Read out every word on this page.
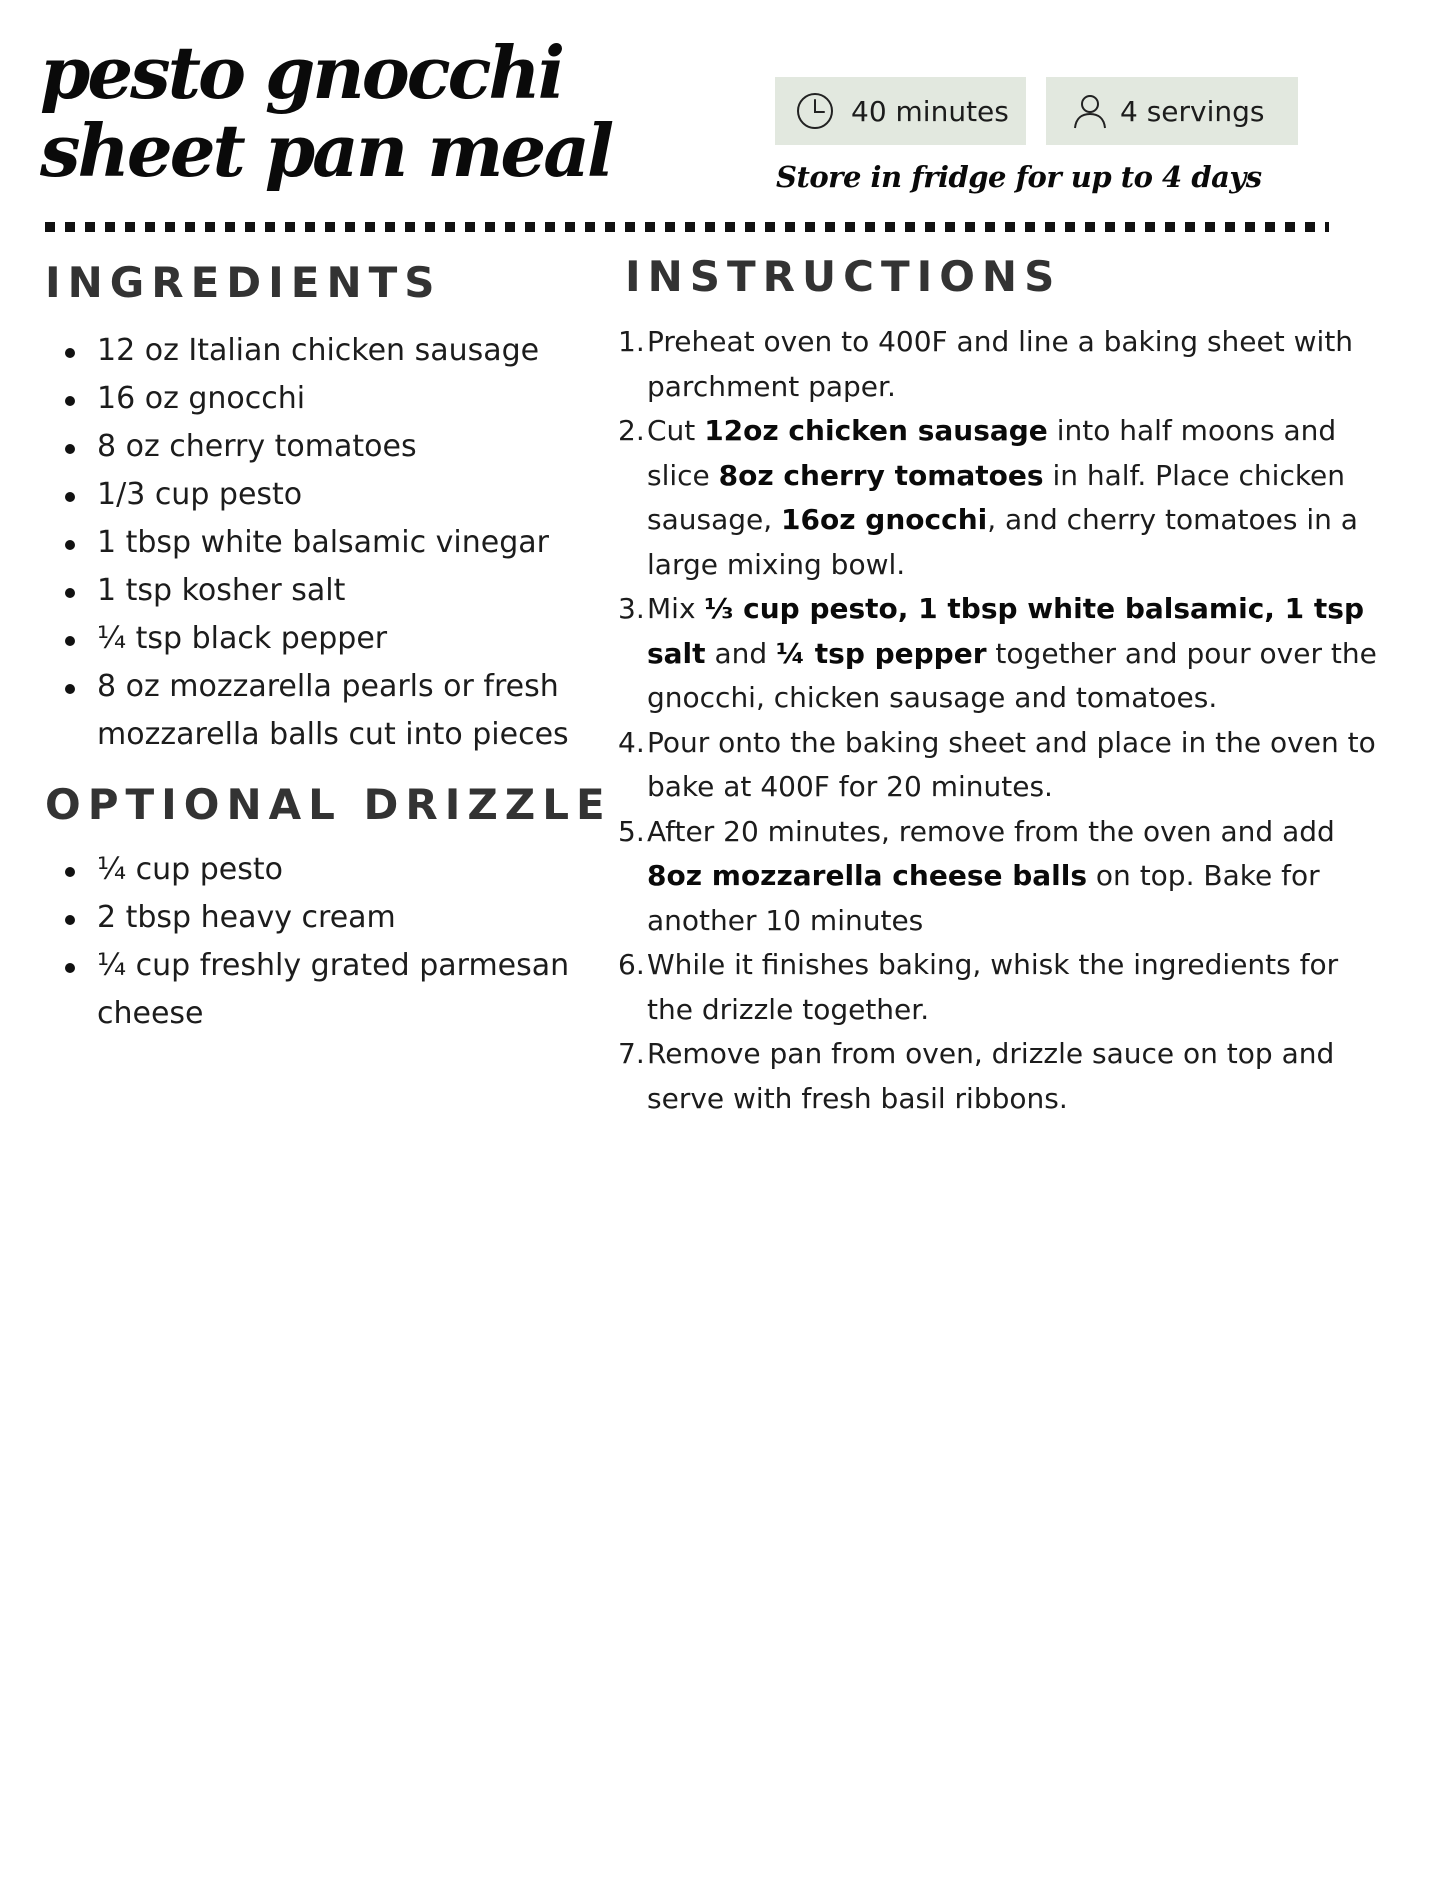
pesto gnocchi
sheet pan meal	40 minutes	4 servings
Store in fridge for up to 4 days
INGREDIENTS
12 oz Italian chicken sausage
16 oz gnocchi
8 oz cherry tomatoes
1/3 cup pesto
1 tbsp white balsamic vinegar
1 tsp kosher salt
¼ tsp black pepper
8 oz mozzarella pearls or fresh mozzarella balls cut into pieces
OPTIONAL DRIZZLE
¼ cup pesto
2 tbsp heavy cream
¼ cup freshly grated parmesan cheese
INSTRUCTIONS
1. Preheat oven to 400F and line a baking sheet with parchment paper.
2. Cut 12oz chicken sausage into half moons and slice 8oz cherry tomatoes in half. Place chicken sausage, 16oz gnocchi, and cherry tomatoes in a large mixing bowl.
3. Mix ⅓ cup pesto, 1 tbsp white balsamic, 1 tsp salt and ¼ tsp pepper together and pour over the gnocchi, chicken sausage and tomatoes.
4. Pour onto the baking sheet and place in the oven to bake at 400F for 20 minutes.
5. After 20 minutes, remove from the oven and add 8oz mozzarella cheese balls on top. Bake for another 10 minutes
6. While it finishes baking, whisk the ingredients for the drizzle together.
7. Remove pan from oven, drizzle sauce on top and serve with fresh basil ribbons.
